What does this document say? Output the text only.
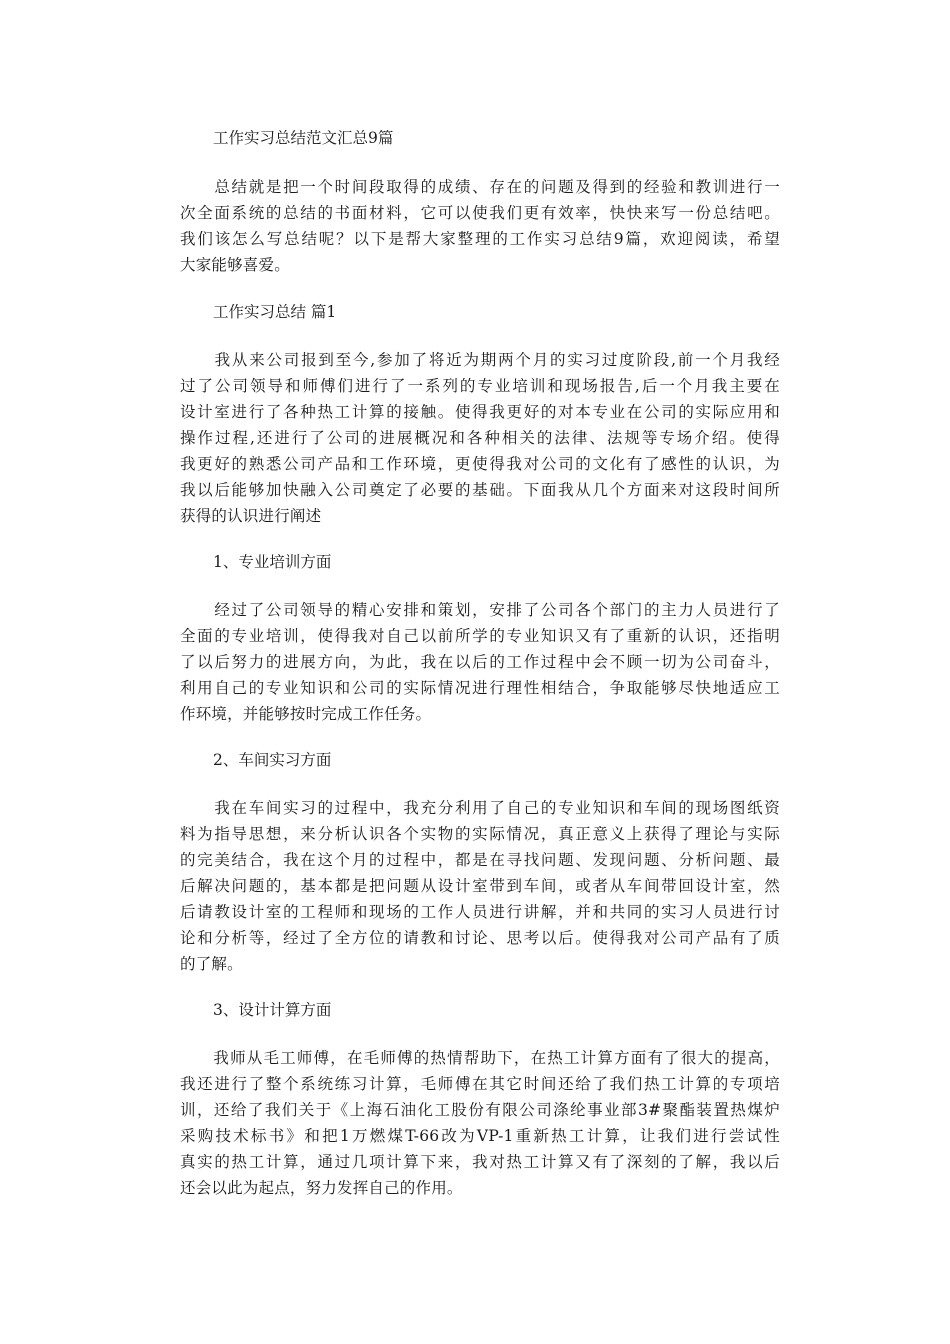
工作实习总结范文汇总9篇
　　总结就是把一个时间段取得的成绩、存在的问题及得到的经验和教训进行一
次全面系统的总结的书面材料，它可以使我们更有效率，快快来写一份总结吧。
我们该怎么写总结呢？以下是帮大家整理的工作实习总结9篇，欢迎阅读，希望
大家能够喜爱。
工作实习总结 篇1
　　我从来公司报到至今,参加了将近为期两个月的实习过度阶段,前一个月我经
过了公司领导和师傅们进行了一系列的专业培训和现场报告,后一个月我主要在
设计室进行了各种热工计算的接触。使得我更好的对本专业在公司的实际应用和
操作过程,还进行了公司的进展概况和各种相关的法律、法规等专场介绍。使得
我更好的熟悉公司产品和工作环境，更使得我对公司的文化有了感性的认识，为
我以后能够加快融入公司奠定了必要的基础。下面我从几个方面来对这段时间所
获得的认识进行阐述
1、专业培训方面
　　经过了公司领导的精心安排和策划，安排了公司各个部门的主力人员进行了
全面的专业培训，使得我对自己以前所学的专业知识又有了重新的认识，还指明
了以后努力的进展方向，为此，我在以后的工作过程中会不顾一切为公司奋斗，
利用自己的专业知识和公司的实际情况进行理性相结合，争取能够尽快地适应工
作环境，并能够按时完成工作任务。
2、车间实习方面
　　我在车间实习的过程中，我充分利用了自己的专业知识和车间的现场图纸资
料为指导思想，来分析认识各个实物的实际情况，真正意义上获得了理论与实际
的完美结合，我在这个月的过程中，都是在寻找问题、发现问题、分析问题、最
后解决问题的，基本都是把问题从设计室带到车间，或者从车间带回设计室，然
后请教设计室的工程师和现场的工作人员进行讲解，并和共同的实习人员进行讨
论和分析等，经过了全方位的请教和讨论、思考以后。使得我对公司产品有了质
的了解。
3、设计计算方面
　　我师从毛工师傅，在毛师傅的热情帮助下，在热工计算方面有了很大的提高，
我还进行了整个系统练习计算，毛师傅在其它时间还给了我们热工计算的专项培
训，还给了我们关于《上海石油化工股份有限公司涤纶事业部3#聚酯装置热煤炉
采购技术标书》和把1万燃煤T-66改为VP-1重新热工计算，让我们进行尝试性
真实的热工计算，通过几项计算下来，我对热工计算又有了深刻的了解，我以后
还会以此为起点，努力发挥自己的作用。
